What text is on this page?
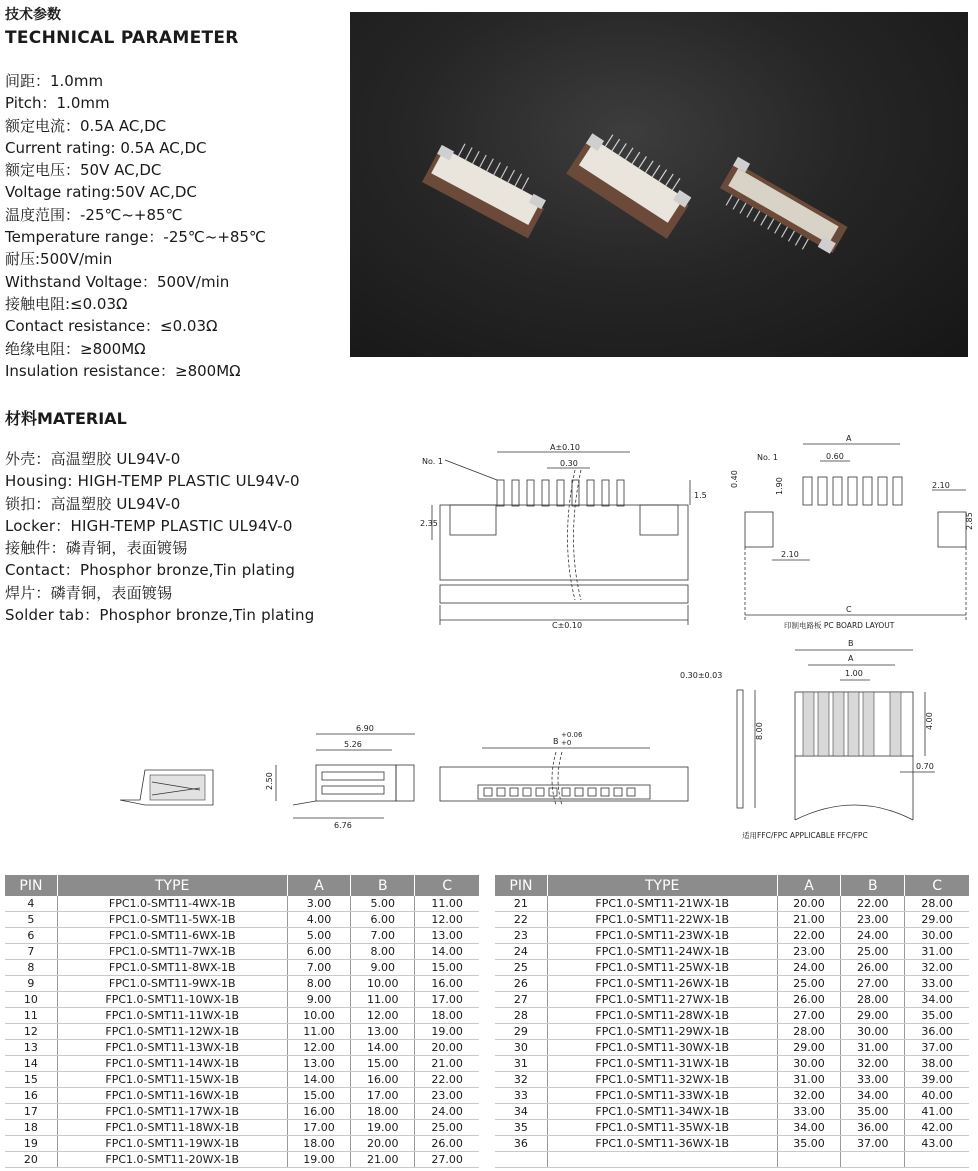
技术参数
TECHNICAL PARAMETER
间距：1.0mm
Pitch：1.0mm
额定电流：0.5A AC,DC
Current rating: 0.5A AC,DC
额定电压：50V AC,DC
Voltage rating:50V AC,DC
温度范围：-25℃~+85℃
Temperature range：-25℃~+85℃
耐压:500V/min
Withstand Voltage：500V/min
接触电阻:≤0.03Ω
Contact resistance：≤0.03Ω
绝缘电阻：≥800MΩ
Insulation resistance：≥800MΩ
材料MATERIAL
外壳：高温塑胶 UL94V-0
Housing: HIGH-TEMP PLASTIC UL94V-0
锁扣：高温塑胶 UL94V-0
Locker：HIGH-TEMP PLASTIC UL94V-0
接触件：磷青铜，表面镀锡
Contact：Phosphor bronze,Tin plating
焊片：磷青铜，表面镀锡
Solder tab：Phosphor bronze,Tin plating
No. 1
A±0.10
0.30
1.5
2.35
C±0.10
No. 1
A
0.60
0.40	1.90	2.10
2.85
2.10
C
印制电路板 PC BOARD LAYOUT
B
A
1.00
0.30±0.03
8.00
4.00
0.70
适用FFC/FPC APPLICABLE FFC/FPC
6.90
5.26
2.50
6.76
B
+0.06
+0
PIN	TYPE	A	B	C
4	FPC1.0-SMT11-4WX-1B	3.00	5.00	11.00
5	FPC1.0-SMT11-5WX-1B	4.00	6.00	12.00
6	FPC1.0-SMT11-6WX-1B	5.00	7.00	13.00
7	FPC1.0-SMT11-7WX-1B	6.00	8.00	14.00
8	FPC1.0-SMT11-8WX-1B	7.00	9.00	15.00
9	FPC1.0-SMT11-9WX-1B	8.00	10.00	16.00
10	FPC1.0-SMT11-10WX-1B	9.00	11.00	17.00
11	FPC1.0-SMT11-11WX-1B	10.00	12.00	18.00
12	FPC1.0-SMT11-12WX-1B	11.00	13.00	19.00
13	FPC1.0-SMT11-13WX-1B	12.00	14.00	20.00
14	FPC1.0-SMT11-14WX-1B	13.00	15.00	21.00
15	FPC1.0-SMT11-15WX-1B	14.00	16.00	22.00
16	FPC1.0-SMT11-16WX-1B	15.00	17.00	23.00
17	FPC1.0-SMT11-17WX-1B	16.00	18.00	24.00
18	FPC1.0-SMT11-18WX-1B	17.00	19.00	25.00
19	FPC1.0-SMT11-19WX-1B	18.00	20.00	26.00
20	FPC1.0-SMT11-20WX-1B	19.00	21.00	27.00
PIN	TYPE	A	B	C
21	FPC1.0-SMT11-21WX-1B	20.00	22.00	28.00
22	FPC1.0-SMT11-22WX-1B	21.00	23.00	29.00
23	FPC1.0-SMT11-23WX-1B	22.00	24.00	30.00
24	FPC1.0-SMT11-24WX-1B	23.00	25.00	31.00
25	FPC1.0-SMT11-25WX-1B	24.00	26.00	32.00
26	FPC1.0-SMT11-26WX-1B	25.00	27.00	33.00
27	FPC1.0-SMT11-27WX-1B	26.00	28.00	34.00
28	FPC1.0-SMT11-28WX-1B	27.00	29.00	35.00
29	FPC1.0-SMT11-29WX-1B	28.00	30.00	36.00
30	FPC1.0-SMT11-30WX-1B	29.00	31.00	37.00
31	FPC1.0-SMT11-31WX-1B	30.00	32.00	38.00
32	FPC1.0-SMT11-32WX-1B	31.00	33.00	39.00
33	FPC1.0-SMT11-33WX-1B	32.00	34.00	40.00
34	FPC1.0-SMT11-34WX-1B	33.00	35.00	41.00
35	FPC1.0-SMT11-35WX-1B	34.00	36.00	42.00
36	FPC1.0-SMT11-36WX-1B	35.00	37.00	43.00
